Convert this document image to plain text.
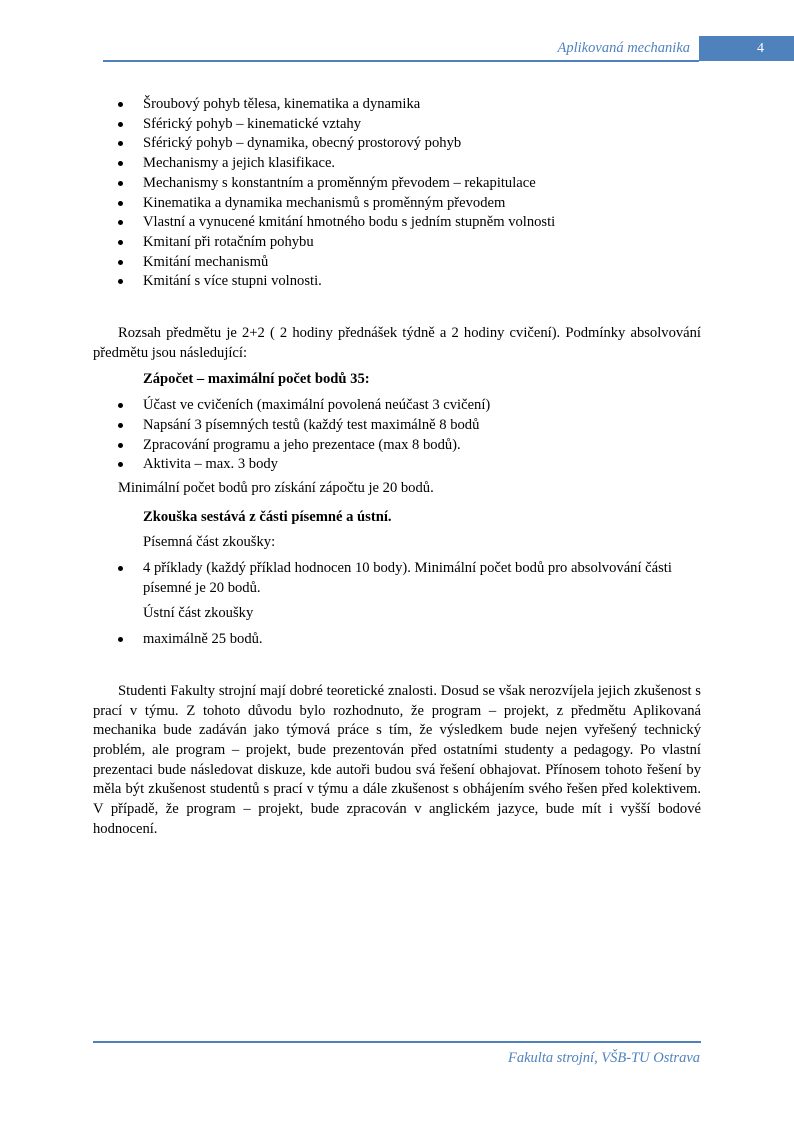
Aplikovaná mechanika	4
Šroubový pohyb tělesa, kinematika a dynamika
Sférický pohyb – kinematické vztahy
Sférický pohyb – dynamika, obecný prostorový pohyb
Mechanismy a jejich klasifikace.
Mechanismy s konstantním a proměnným převodem – rekapitulace
Kinematika a dynamika mechanismů s proměnným převodem
Vlastní a vynucené kmitání hmotného bodu s jedním stupněm volnosti
Kmitaní při rotačním pohybu
Kmitání mechanismů
Kmitání s více stupni volnosti.

Rozsah předmětu je 2+2 ( 2 hodiny přednášek týdně a 2 hodiny cvičení). Podmínky absolvování předmětu jsou následující:

Zápočet – maximální počet bodů 35:
Účast ve cvičeních (maximální povolená neúčast 3 cvičení)
Napsání 3 písemných testů (každý test maximálně 8 bodů
Zpracování programu a jeho prezentace (max 8 bodů).
Aktivita – max. 3 body

Minimální počet bodů pro získání zápočtu je 20 bodů.

Zkouška sestává z části písemné a ústní.
Písemná část zkoušky:
4 příklady (každý příklad hodnocen 10 body). Minimální počet bodů pro absolvování části písemné je 20 bodů.
Ústní část zkoušky
maximálně 25 bodů.

Studenti Fakulty strojní mají dobré teoretické znalosti. Dosud se však nerozvíjela jejich zkušenost s prací v týmu. Z tohoto důvodu bylo rozhodnuto, že program – projekt, z předmětu Aplikovaná mechanika bude zadáván jako týmová práce s tím, že výsledkem bude nejen vyřešený technický problém, ale program – projekt, bude prezentován před ostatními studenty a pedagogy. Po vlastní prezentaci bude následovat diskuze, kde autoři budou svá řešení obhajovat. Přínosem tohoto řešení by měla být zkušenost studentů s prací v týmu a dále zkušenost s obhájením svého řešen před kolektivem. V případě, že program – projekt, bude zpracován v anglickém jazyce, bude mít i vyšší bodové hodnocení.

Fakulta strojní, VŠB-TU Ostrava
